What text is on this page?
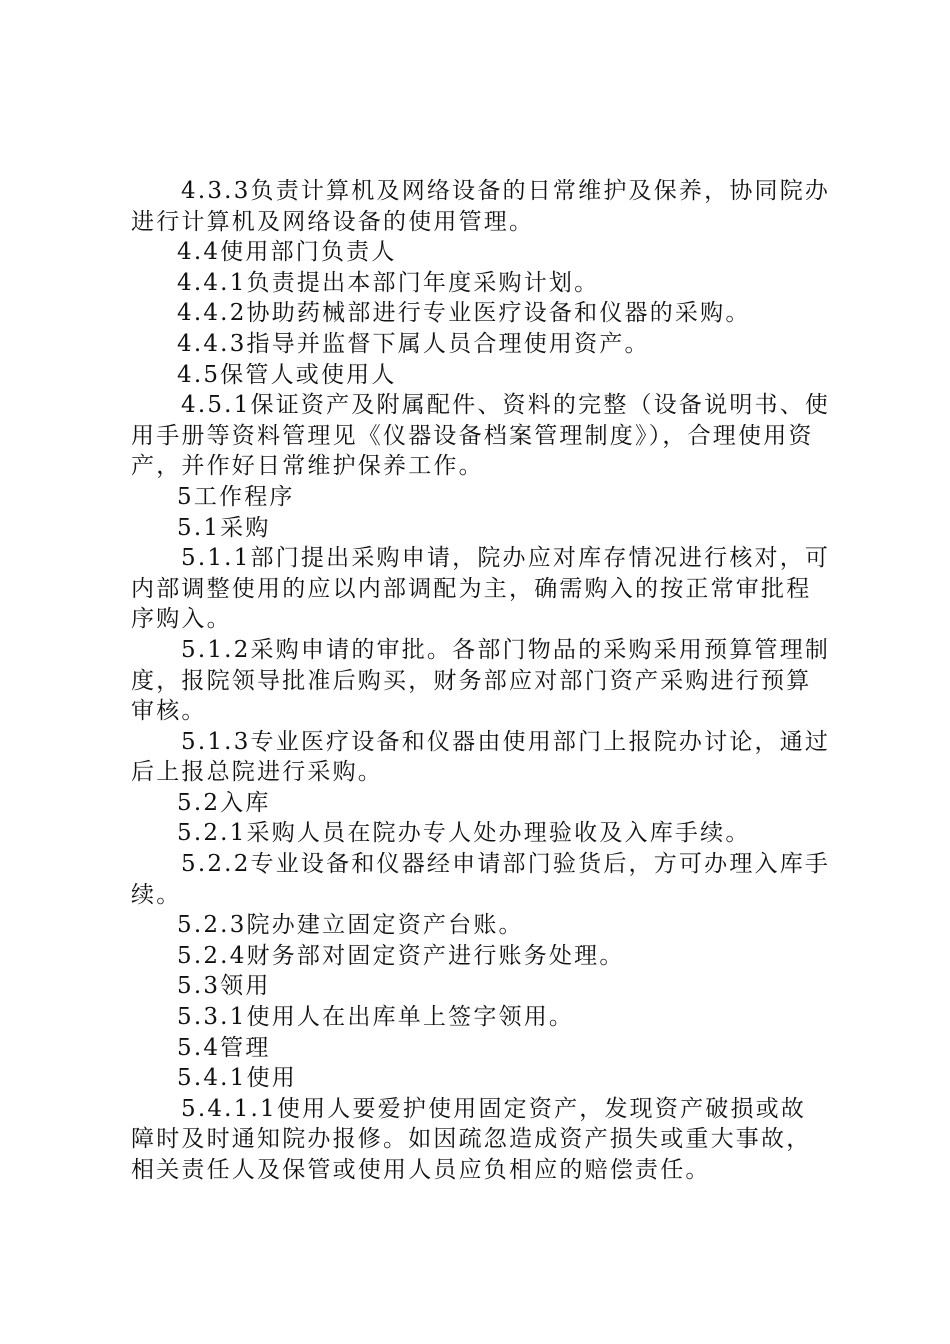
4.3.3负责计算机及网络设备的日常维护及保养，协同院办进行计算机及网络设备的使用管理。

4.4使用部门负责人

4.4.1负责提出本部门年度采购计划。

4.4.2协助药械部进行专业医疗设备和仪器的采购。

4.4.3指导并监督下属人员合理使用资产。

4.5保管人或使用人

4.5.1保证资产及附属配件、资料的完整（设备说明书、使用手册等资料管理见《仪器设备档案管理制度》），合理使用资产，并作好日常维护保养工作。

5工作程序

5.1采购

5.1.1部门提出采购申请，院办应对库存情况进行核对，可内部调整使用的应以内部调配为主，确需购入的按正常审批程序购入。

5.1.2采购申请的审批。各部门物品的采购采用预算管理制度，报院领导批准后购买，财务部应对部门资产采购进行预算审核。

5.1.3专业医疗设备和仪器由使用部门上报院办讨论，通过后上报总院进行采购。

5.2入库

5.2.1采购人员在院办专人处办理验收及入库手续。

5.2.2专业设备和仪器经申请部门验货后，方可办理入库手续。

5.2.3院办建立固定资产台账。

5.2.4财务部对固定资产进行账务处理。

5.3领用

5.3.1使用人在出库单上签字领用。

5.4管理

5.4.1使用

5.4.1.1使用人要爱护使用固定资产，发现资产破损或故障时及时通知院办报修。如因疏忽造成资产损失或重大事故，相关责任人及保管或使用人员应负相应的赔偿责任。
